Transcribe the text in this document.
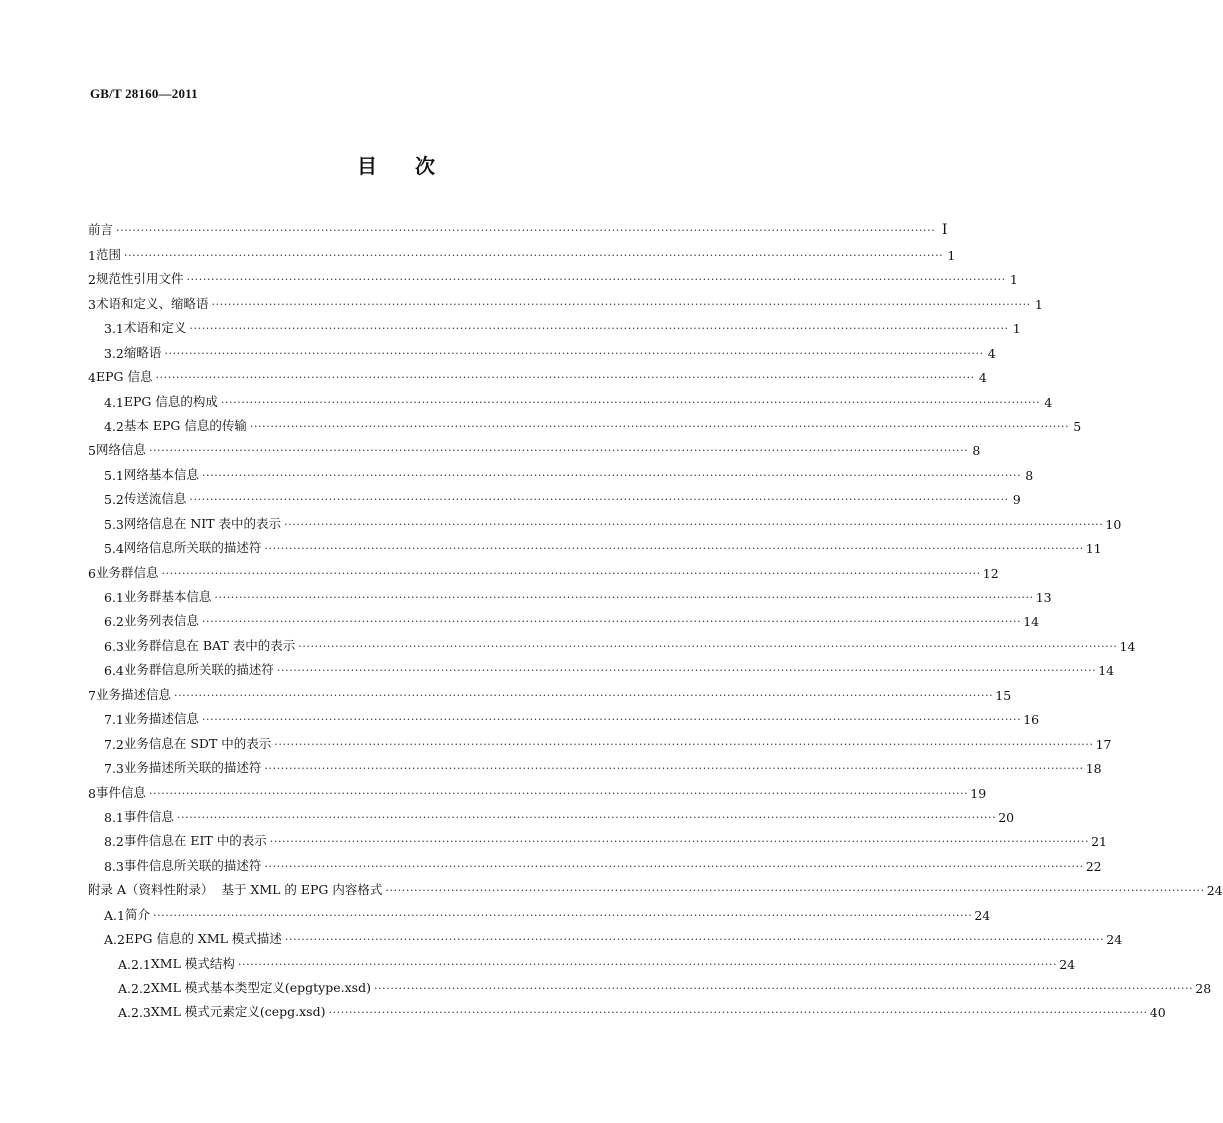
GB/T 28160—2011
目 次
前言 ········································································································································································································ I
1 范围 ········································································································································································································ 1
2 规范性引用文件 ········································································································································································································ 1
3 术语和定义、缩略语 ········································································································································································································ 1
3.1 术语和定义 ········································································································································································································ 1
3.2 缩略语 ········································································································································································································ 4
4 EPG 信息 ········································································································································································································ 4
4.1 EPG 信息的构成 ········································································································································································································ 4
4.2 基本 EPG 信息的传输 ········································································································································································································ 5
5 网络信息 ········································································································································································································ 8
5.1 网络基本信息 ········································································································································································································ 8
5.2 传送流信息 ········································································································································································································ 9
5.3 网络信息在 NIT 表中的表示 ········································································································································································································ 10
5.4 网络信息所关联的描述符 ········································································································································································································ 11
6 业务群信息 ········································································································································································································ 12
6.1 业务群基本信息 ········································································································································································································ 13
6.2 业务列表信息 ········································································································································································································ 14
6.3 业务群信息在 BAT 表中的表示 ········································································································································································································ 14
6.4 业务群信息所关联的描述符 ········································································································································································································ 14
7 业务描述信息 ········································································································································································································ 15
7.1 业务描述信息 ········································································································································································································ 16
7.2 业务信息在 SDT 中的表示 ········································································································································································································ 17
7.3 业务描述所关联的描述符 ········································································································································································································ 18
8 事件信息 ········································································································································································································ 19
8.1 事件信息 ········································································································································································································ 20
8.2 事件信息在 EIT 中的表示 ········································································································································································································ 21
8.3 事件信息所关联的描述符 ········································································································································································································ 22
附录 A（资料性附录）  基于 XML 的 EPG 内容格式 ········································································································································································································ 24
A.1 简介 ········································································································································································································ 24
A.2 EPG 信息的 XML 模式描述 ········································································································································································································ 24
A.2.1 XML 模式结构 ········································································································································································································ 24
A.2.2 XML 模式基本类型定义(epgtype.xsd) ········································································································································································································ 28
A.2.3 XML 模式元素定义(cepg.xsd) ········································································································································································································ 40
